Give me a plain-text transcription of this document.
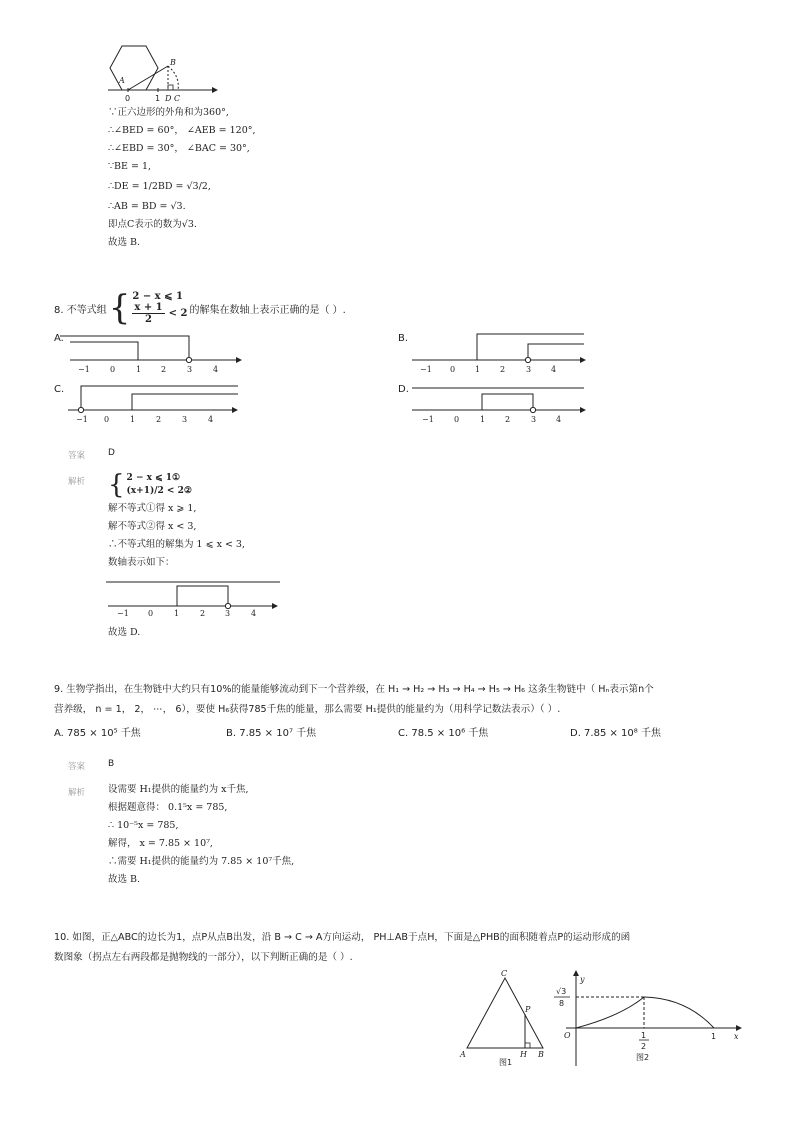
A
B
0	1 D C
∵正六边形的外角和为360°,
∴∠BED = 60°， ∠AEB = 120°,
∴∠EBD = 30°， ∠BAC = 30°,
∵BE = 1,
∴DE = 1/2BD = √3/2,
∴AB = BD = √3.
即点C表示的数为√3.
故选 B.
8. 不等式组 { 2 − x ⩽ 1
$\frac{x + 1}{2} < 2$ 的解集在数轴上表示正确的是（ ）.
A.	B.
C.	D.
−1	0	1 2	3	4	−1 0 1 2	3 4
−1 0	1	2	3	4	−1	0	1 2	3 4
答案	D
解析 { 2 − x ⩽ 1①
(x+1)/2 < 2②
解不等式①得 x ⩾ 1,
解不等式②得 x < 3,
∴不等式组的解集为 1 ⩽ x < 3,
数轴表示如下：
−1 0	1	2 3	4
故选 D.
9. 生物学指出，在生物链中大约只有10%的能量能够流动到下一个营养级，在 H₁ → H₂ → H₃ → H₄ → H₅ → H₆ 这条生物链中（ Hₙ表示第n个
营养级， n = 1， 2， ⋯， 6），要使 H₆获得785千焦的能量，那么需要 H₁提供的能量约为（用科学记数法表示）（ ）.
A. 785 × 10⁵ 千焦	B. 7.85 × 10⁷ 千焦	C. 78.5 × 10⁶ 千焦	D. 7.85 × 10⁸ 千焦
答案	B
解析 设需要 H₁提供的能量约为 x千焦,
根据题意得： 0.1⁵x = 785,
∴ 10⁻⁵x = 785,
解得， x = 7.85 × 10⁷,
∴需要 H₁提供的能量约为 7.85 × 10⁷千焦,
故选 B.
10. 如图，正△ABC的边长为1，点P从点B出发，沿 B → C → A方向运动， PH⊥AB于点H，下面是△PHB的面积随着点P的运动形成的函
数图象（拐点左右两段都是抛物线的一部分），以下判断正确的是（ ）.
A	B
C
P
H
图1
y
x
O
√3
8
1
2
1
图2
